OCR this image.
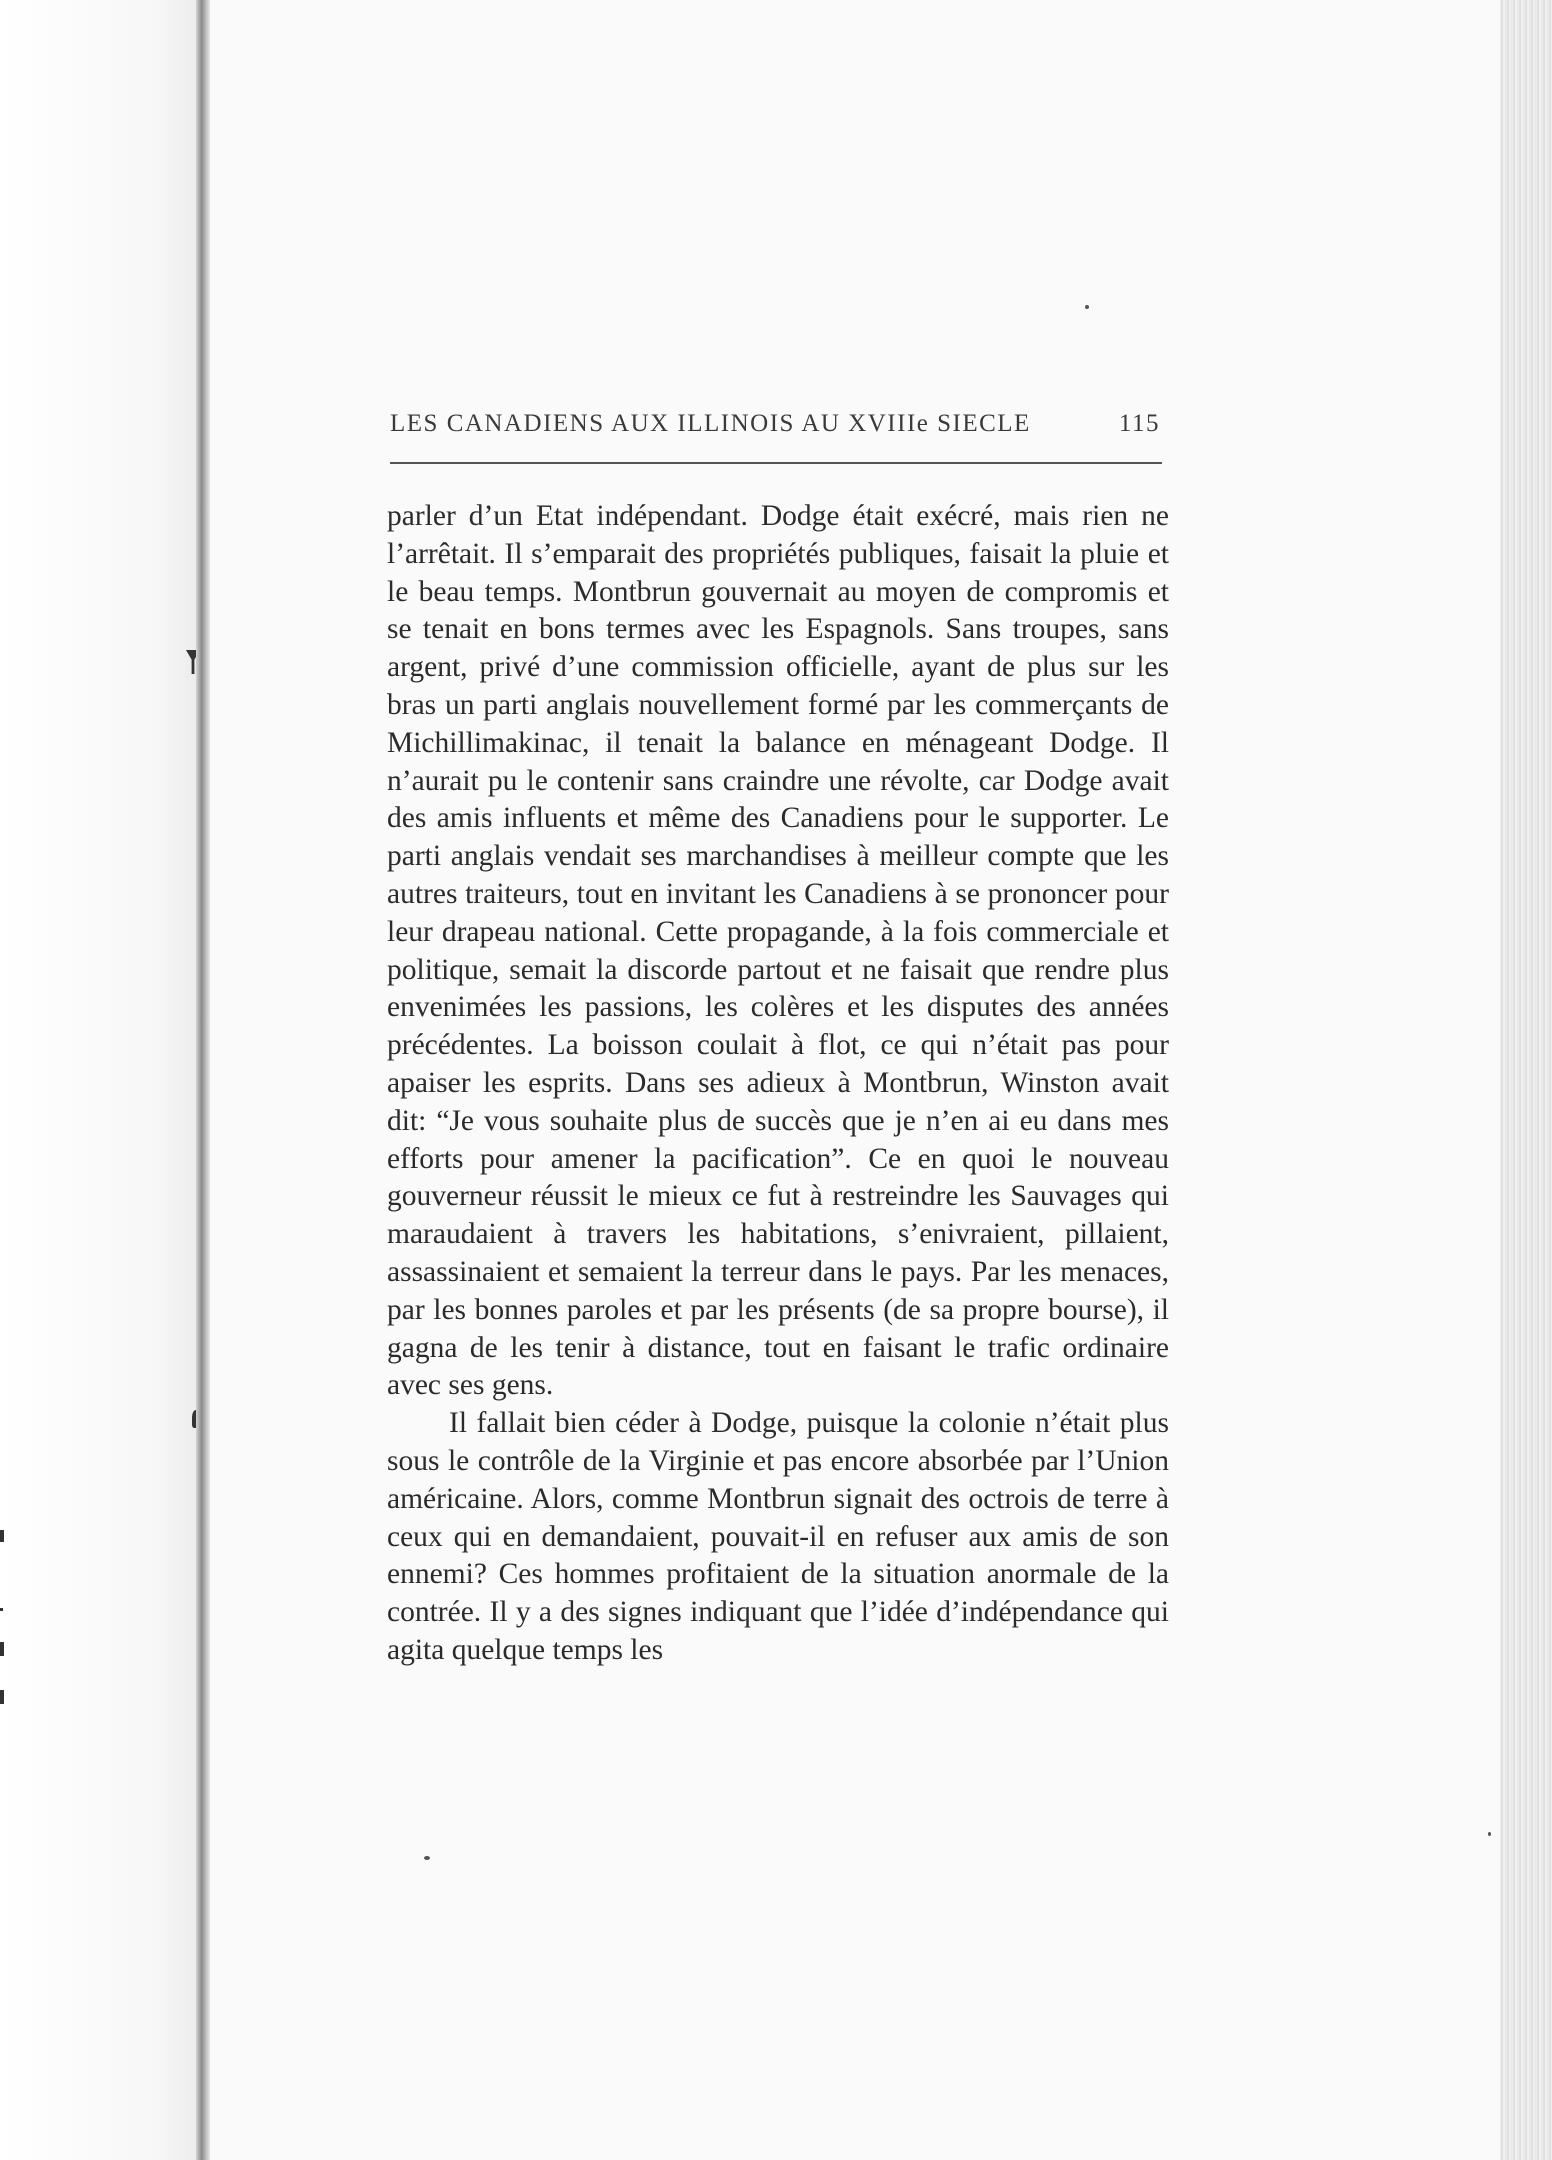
LES CANADIENS AUX ILLINOIS AU XVIIIe SIECLE	115

parler d’un Etat indépendant. Dodge était exécré, mais rien ne l’arrêtait. Il s’emparait des propriétés publiques, faisait la pluie et le beau temps. Montbrun gouvernait au moyen de compromis et se tenait en bons termes avec les Espagnols. Sans troupes, sans argent, privé d’une commission officielle, ayant de plus sur les bras un parti anglais nouvellement formé par les commerçants de Michillimakinac, il tenait la balance en ménageant Dodge. Il n’aurait pu le contenir sans craindre une révolte, car Dodge avait des amis influents et même des Canadiens pour le supporter. Le parti anglais vendait ses marchandises à meilleur compte que les autres traiteurs, tout en invitant les Canadiens à se prononcer pour leur drapeau national. Cette propagande, à la fois commerciale et politique, semait la discorde partout et ne faisait que rendre plus envenimées les passions, les colères et les disputes des années précédentes. La boisson coulait à flot, ce qui n’était pas pour apaiser les esprits. Dans ses adieux à Montbrun, Winston avait dit: “Je vous souhaite plus de succès que je n’en ai eu dans mes efforts pour amener la pacification”. Ce en quoi le nouveau gouverneur réussit le mieux ce fut à restreindre les Sauvages qui maraudaient à travers les habitations, s’enivraient, pillaient, assassinaient et semaient la terreur dans le pays. Par les menaces, par les bonnes paroles et par les présents (de sa propre bourse), il gagna de les tenir à distance, tout en faisant le trafic ordinaire avec ses gens.

Il fallait bien céder à Dodge, puisque la colonie n’était plus sous le contrôle de la Virginie et pas encore absorbée par l’Union américaine. Alors, comme Montbrun signait des octrois de terre à ceux qui en demandaient, pouvait-il en refuser aux amis de son ennemi? Ces hommes profitaient de la situation anormale de la contrée. Il y a des signes indiquant que l’idée d’indépendance qui agita quelque temps les
